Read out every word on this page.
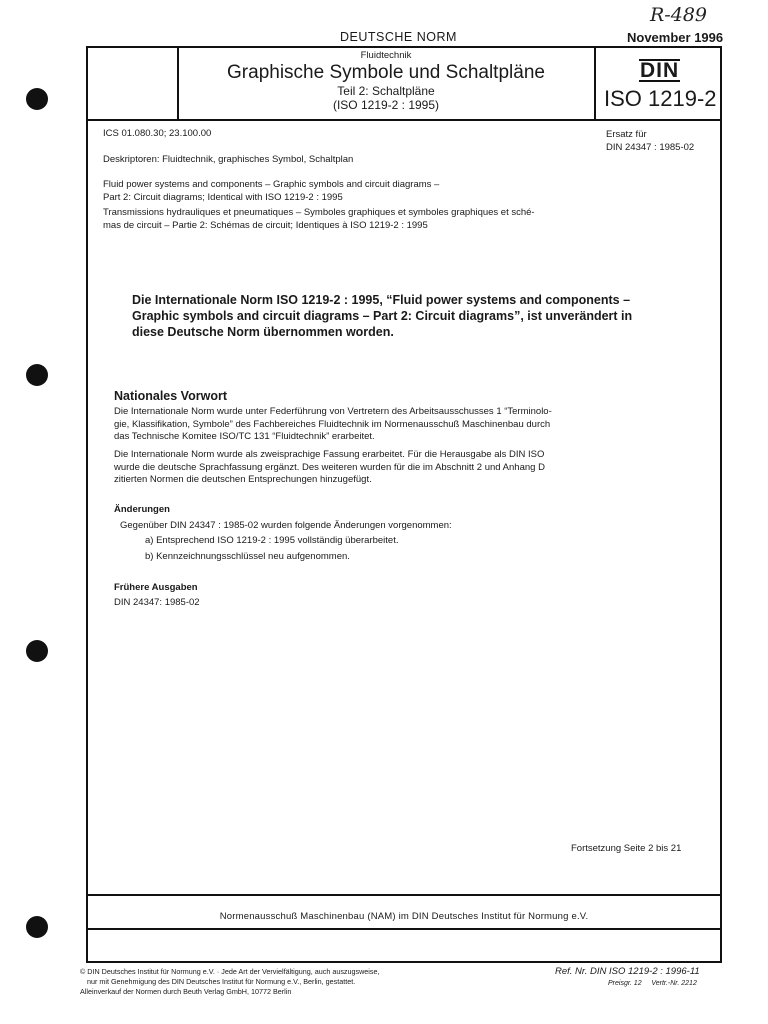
R-489
DEUTSCHE NORM	November 1996
Fluidtechnik
Graphische Symbole und Schaltpläne
Teil 2: Schaltpläne
(ISO 1219-2 : 1995)
DIN
ISO 1219-2
ICS 01.080.30; 23.100.00
Deskriptoren: Fluidtechnik, graphisches Symbol, Schaltplan
Ersatz für
DIN 24347 : 1985-02
Fluid power systems and components – Graphic symbols and circuit diagrams –
Part 2: Circuit diagrams; Identical with ISO 1219-2 : 1995
Transmissions hydrauliques et pneumatiques – Symboles graphiques et symboles graphiques et sché-
mas de circuit – Partie 2: Schémas de circuit; Identiques à ISO 1219-2 : 1995
Die Internationale Norm ISO 1219-2 : 1995, “Fluid power systems and components –
Graphic symbols and circuit diagrams – Part 2: Circuit diagrams”, ist unverändert in
diese Deutsche Norm übernommen worden.
Nationales Vorwort
Die Internationale Norm wurde unter Federführung von Vertretern des Arbeitsausschusses 1 “Terminolo-
gie, Klassifikation, Symbole” des Fachbereiches Fluidtechnik im Normenausschuß Maschinenbau durch
das Technische Komitee ISO/TC 131 “Fluidtechnik” erarbeitet.
Die Internationale Norm wurde als zweisprachige Fassung erarbeitet. Für die Herausgabe als DIN ISO
wurde die deutsche Sprachfassung ergänzt. Des weiteren wurden für die im Abschnitt 2 und Anhang D
zitierten Normen die deutschen Entsprechungen hinzugefügt.
Änderungen
Gegenüber DIN 24347 : 1985-02 wurden folgende Änderungen vorgenommen:
a) Entsprechend ISO 1219-2 : 1995 vollständig überarbeitet.
b) Kennzeichnungsschlüssel neu aufgenommen.
Frühere Ausgaben
DIN 24347: 1985-02
Fortsetzung Seite 2 bis 21
Normenausschuß Maschinenbau (NAM) im DIN Deutsches Institut für Normung e.V.
© DIN Deutsches Institut für Normung e.V. · Jede Art der Vervielfältigung, auch auszugsweise,
nur mit Genehmigung des DIN Deutsches Institut für Normung e.V., Berlin, gestattet.
Alleinverkauf der Normen durch Beuth Verlag GmbH, 10772 Berlin
Ref. Nr. DIN ISO 1219-2 : 1996-11
Preisgr. 12 Vertr.-Nr. 2212
